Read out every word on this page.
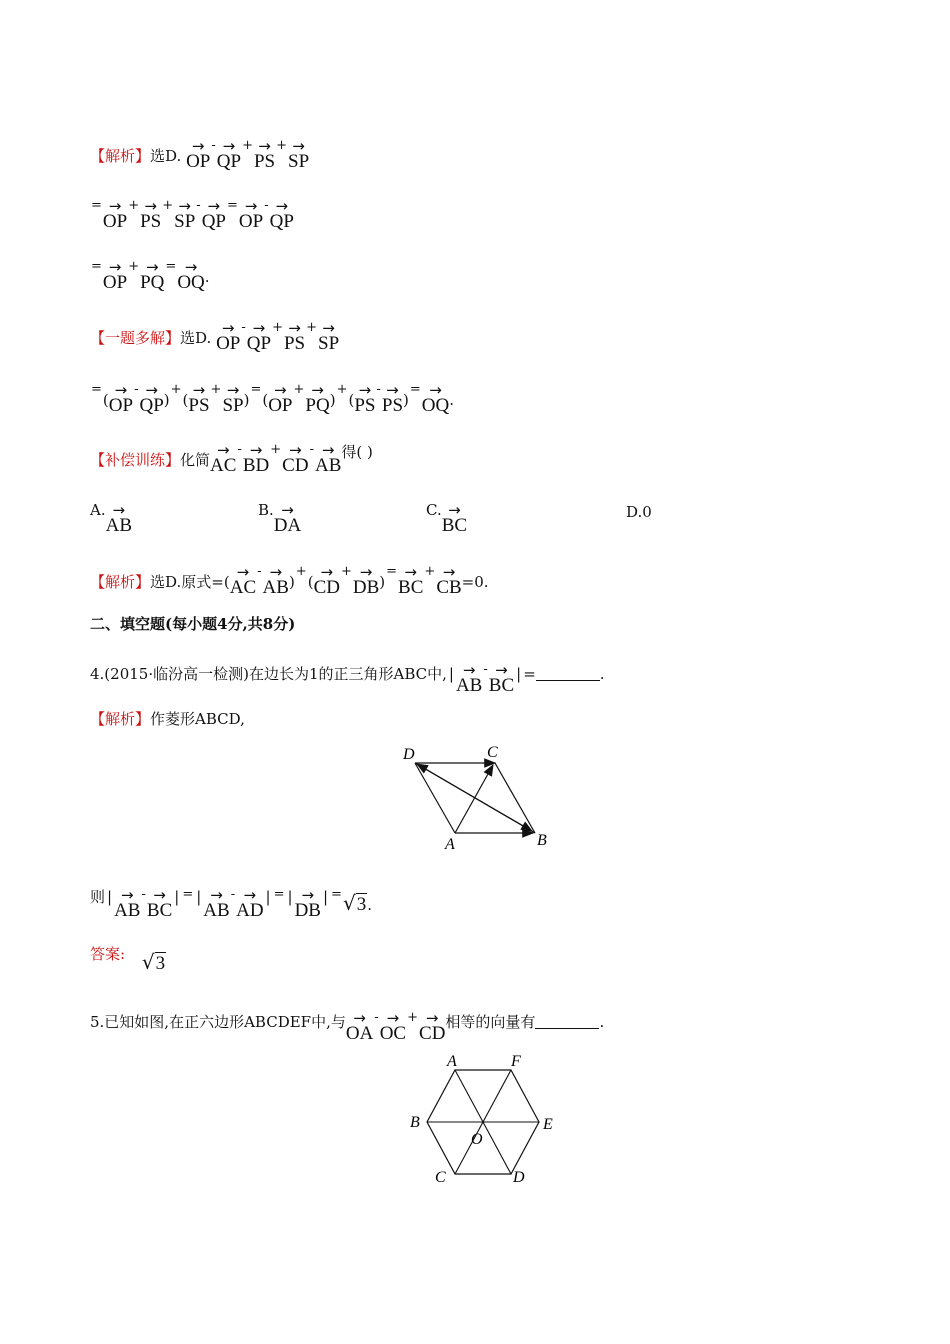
【解析】选D.
→
OP- →
QP+ →
PS+ →
SP
= →
OP+ →
PS+ →
SP- →
QP= →
OP- →
QP
= →
OP+ →
PQ= →
OQ.
【一题多解】选D.
→
OP- →
QP+ →
PS+ →
SP
=(
→
OP- →
QP)+(
→
PS+ →
SP)=(
→
OP+ →
PQ)+(
→
PS- →
PS)= →
OQ.
【补偿训练】化简
→
AC- →
BD+ →
CD- →
AB得( )
A. →
AB
B. →
DA
C. →
BC
D.0
【解析】选D.原式=(
→
AC- →
AB)+(
→
CD+ →
DB)= →
BC+ →
CB=0.
二、填空题(每小题4分,共8分)
4.(2015·临汾高一检测)在边长为1的正三角形ABC中, | →
AB- →
BC| =	.
【解析】作菱形ABCD,
D	C
A	B
则 | →
AB- →
BC| = | →
AB- →
AD| = | →
DB| =√3.
答案: √3
5.已知如图,在正六边形ABCDEF中,与 →
OA- →
OC+ →
CD相等的向量有	.
A	F
B	E
O
C	D
